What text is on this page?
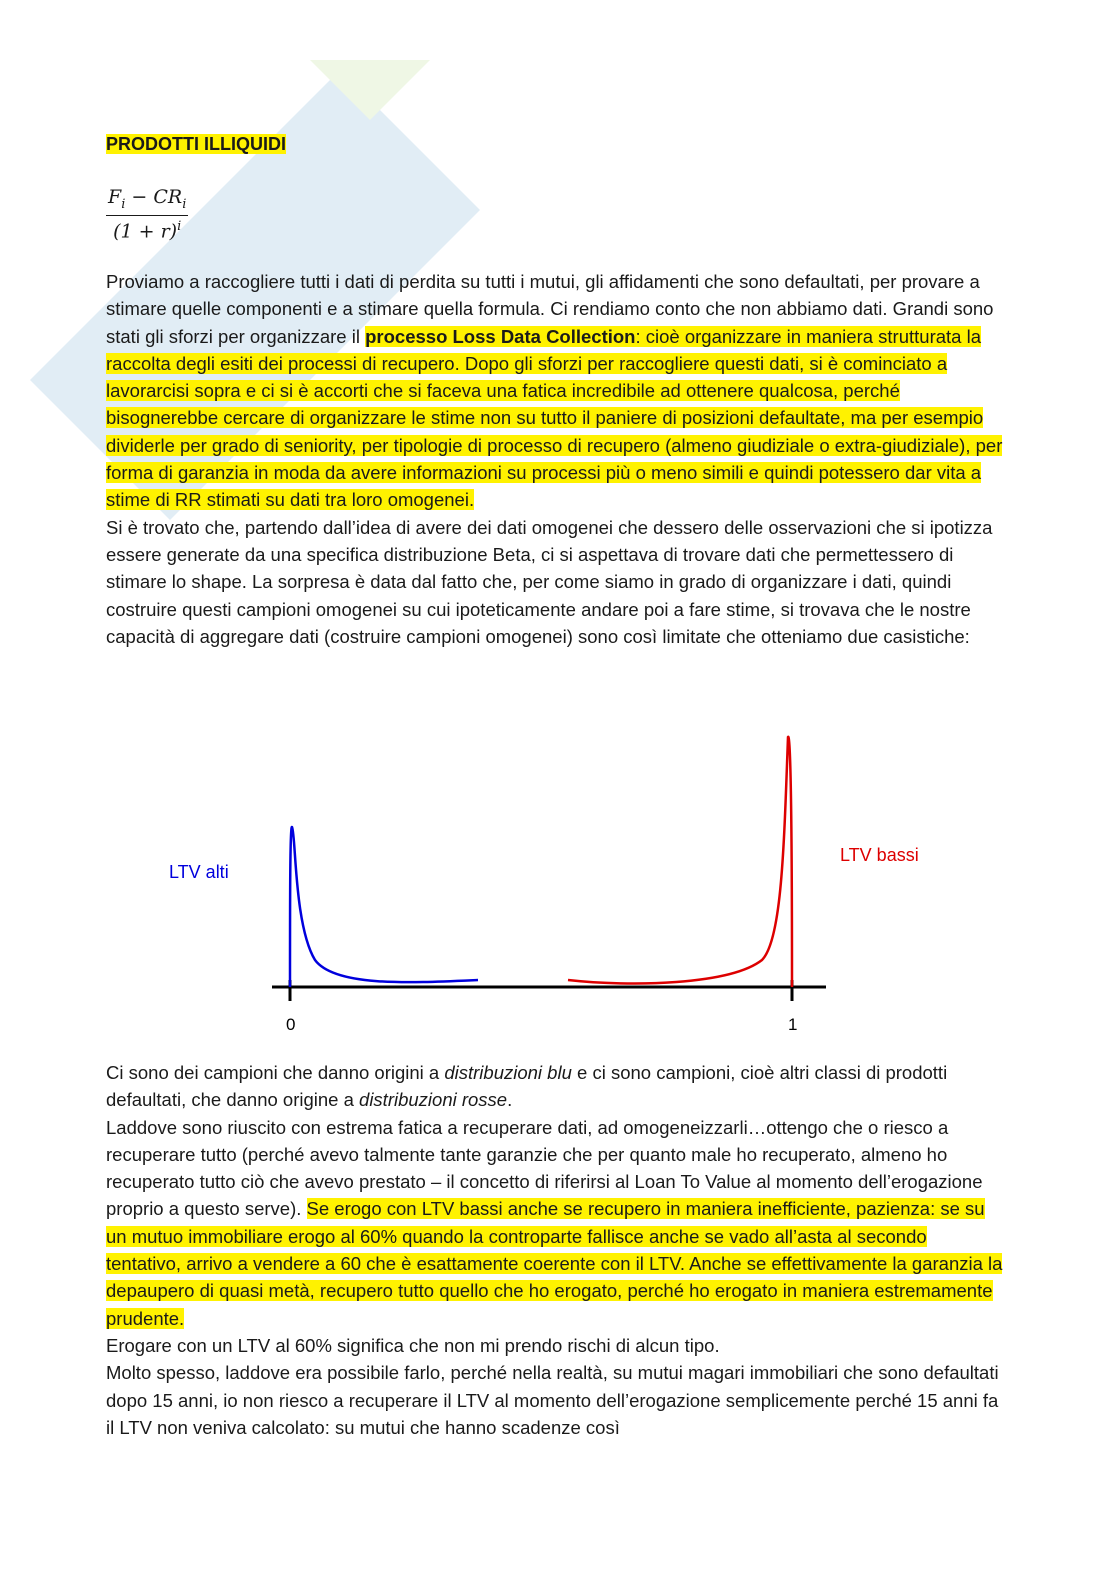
PRODOTTI ILLIQUIDI
$F_i - CR_i$
$(1 + r)^i$
Proviamo a raccogliere tutti i dati di perdita su tutti i mutui, gli affidamenti che sono defaultati, per provare a stimare quelle componenti e a stimare quella formula. Ci rendiamo conto che non abbiamo dati. Grandi sono stati gli sforzi per organizzare il processo Loss Data Collection: cioè organizzare in maniera strutturata la raccolta degli esiti dei processi di recupero. Dopo gli sforzi per raccogliere questi dati, si è cominciato a lavorarcisi sopra e ci si è accorti che si faceva una fatica incredibile ad ottenere qualcosa, perché bisognerebbe cercare di organizzare le stime non su tutto il paniere di posizioni defaultate, ma per esempio dividerle per grado di seniority, per tipologie di processo di recupero (almeno giudiziale o extra-giudiziale), per forma di garanzia in moda da avere informazioni su processi più o meno simili e quindi potessero dar vita a stime di RR stimati su dati tra loro omogenei.
Si è trovato che, partendo dall’idea di avere dei dati omogenei che dessero delle osservazioni che si ipotizza essere generate da una specifica distribuzione Beta, ci si aspettava di trovare dati che permettessero di stimare lo shape. La sorpresa è data dal fatto che, per come siamo in grado di organizzare i dati, quindi costruire questi campioni omogenei su cui ipoteticamente andare poi a fare stime, si trovava che le nostre capacità di aggregare dati (costruire campioni omogenei) sono così limitate che otteniamo due casistiche:
Ci sono dei campioni che danno origini a distribuzioni blu e ci sono campioni, cioè altri classi di prodotti defaultati, che danno origine a distribuzioni rosse.
Laddove sono riuscito con estrema fatica a recuperare dati, ad omogeneizzarli…ottengo che o riesco a recuperare tutto (perché avevo talmente tante garanzie che per quanto male ho recuperato, almeno ho recuperato tutto ciò che avevo prestato – il concetto di riferirsi al Loan To Value al momento dell’erogazione proprio a questo serve). Se erogo con LTV bassi anche se recupero in maniera inefficiente, pazienza: se su un mutuo immobiliare erogo al 60% quando la controparte fallisce anche se vado all’asta al secondo tentativo, arrivo a vendere a 60 che è esattamente coerente con il LTV. Anche se effettivamente la garanzia la depaupero di quasi metà, recupero tutto quello che ho erogato, perché ho erogato in maniera estremamente prudente.
Erogare con un LTV al 60% significa che non mi prendo rischi di alcun tipo.
Molto spesso, laddove era possibile farlo, perché nella realtà, su mutui magari immobiliari che sono defaultati dopo 15 anni, io non riesco a recuperare il LTV al momento dell’erogazione semplicemente perché 15 anni fa il LTV non veniva calcolato: su mutui che hanno scadenze così
LTV alti
LTV bassi
0	1
